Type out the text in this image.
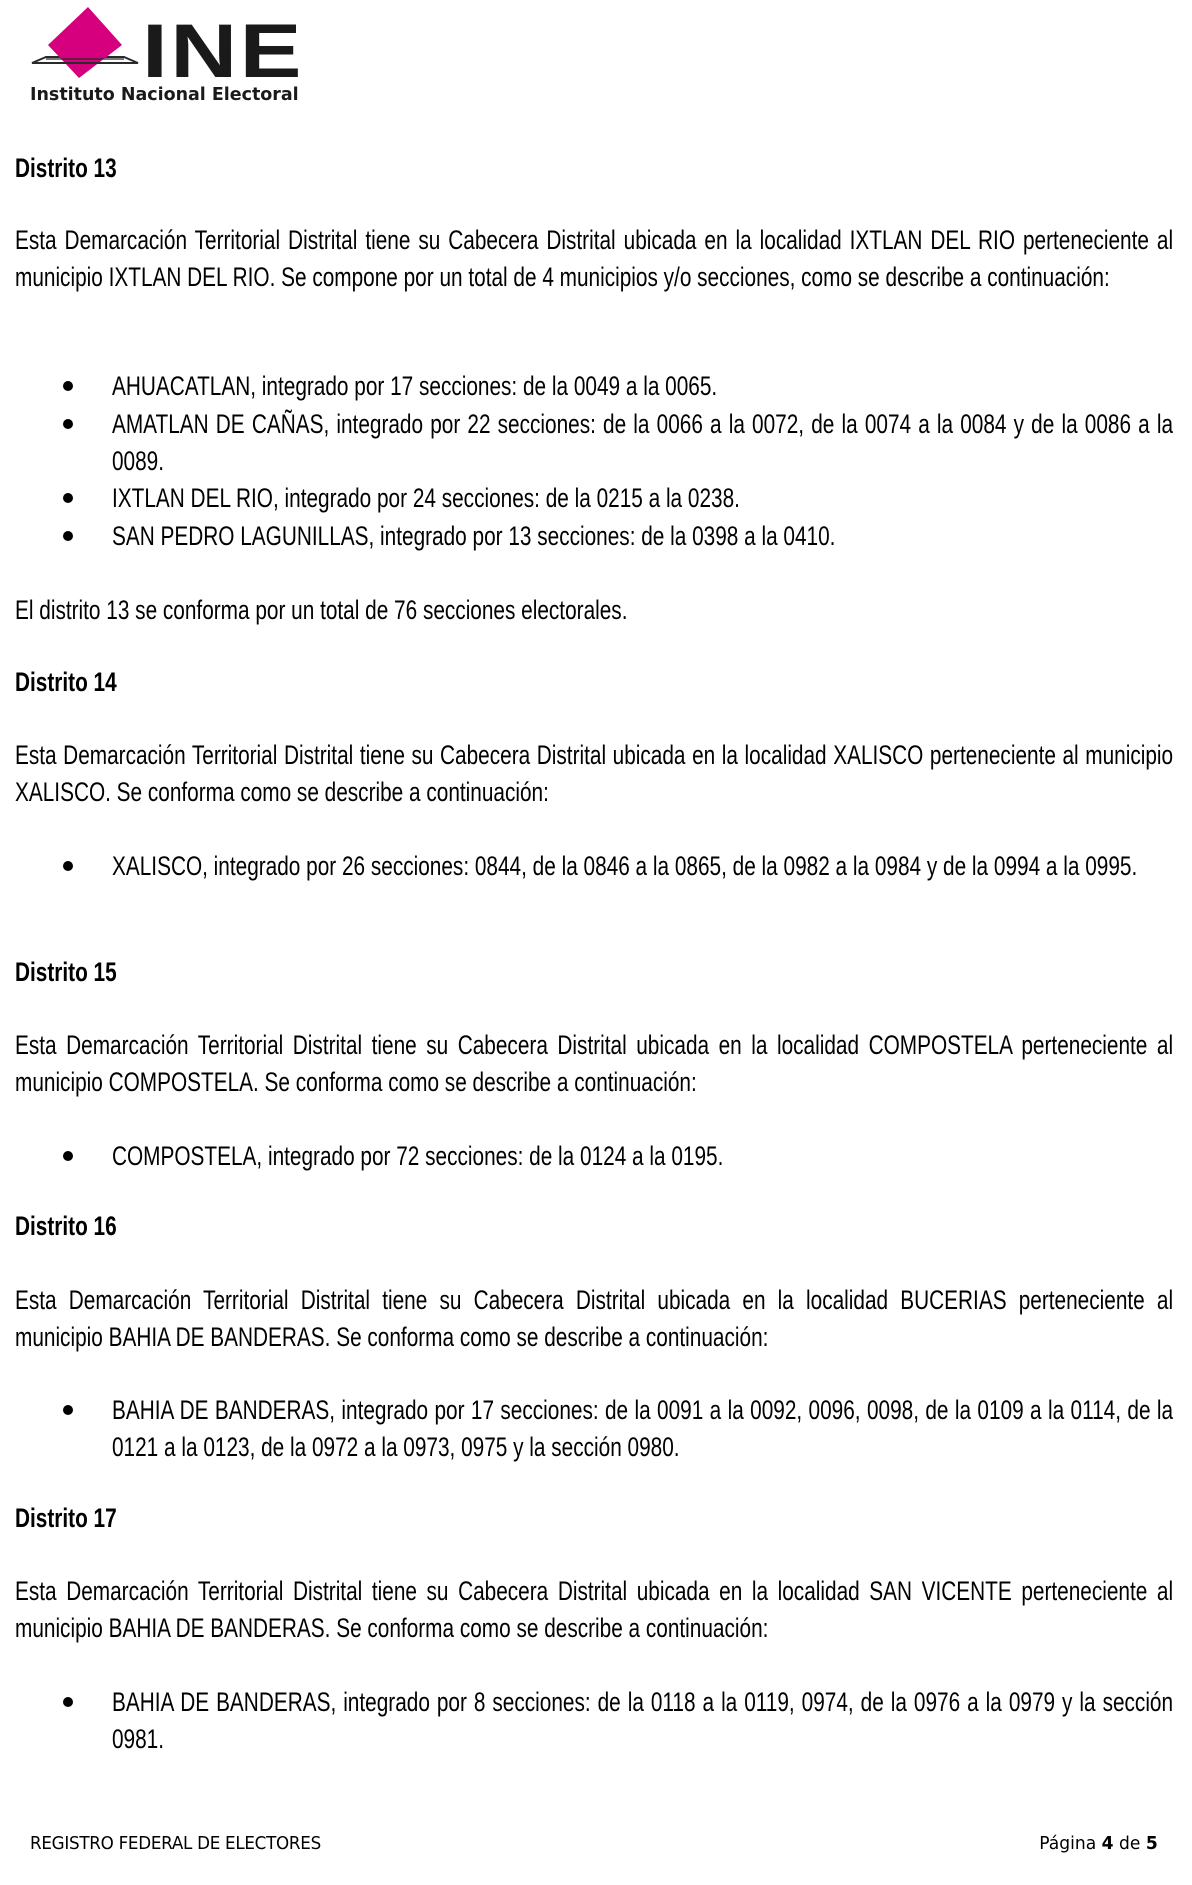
INE
Instituto Nacional Electoral
Distrito 13
Esta Demarcación Territorial Distrital tiene su Cabecera Distrital ubicada en la localidad IXTLAN DEL RIO perteneciente al municipio IXTLAN DEL RIO. Se compone por un total de 4 municipios y/o secciones, como se describe a continuación:
AHUACATLAN, integrado por 17 secciones: de la 0049 a la 0065.
AMATLAN DE CAÑAS, integrado por 22 secciones: de la 0066 a la 0072, de la 0074 a la 0084 y de la 0086 a la 0089.
IXTLAN DEL RIO, integrado por 24 secciones: de la 0215 a la 0238.
SAN PEDRO LAGUNILLAS, integrado por 13 secciones: de la 0398 a la 0410.
El distrito 13 se conforma por un total de 76 secciones electorales.
Distrito 14
Esta Demarcación Territorial Distrital tiene su Cabecera Distrital ubicada en la localidad XALISCO perteneciente al municipio XALISCO. Se conforma como se describe a continuación:
XALISCO, integrado por 26 secciones: 0844, de la 0846 a la 0865, de la 0982 a la 0984 y de la 0994 a la 0995.
Distrito 15
Esta Demarcación Territorial Distrital tiene su Cabecera Distrital ubicada en la localidad COMPOSTELA perteneciente al municipio COMPOSTELA. Se conforma como se describe a continuación:
COMPOSTELA, integrado por 72 secciones: de la 0124 a la 0195.
Distrito 16
Esta Demarcación Territorial Distrital tiene su Cabecera Distrital ubicada en la localidad BUCERIAS perteneciente al municipio BAHIA DE BANDERAS. Se conforma como se describe a continuación:
BAHIA DE BANDERAS, integrado por 17 secciones: de la 0091 a la 0092, 0096, 0098, de la 0109 a la 0114, de la 0121 a la 0123, de la 0972 a la 0973, 0975 y la sección 0980.
Distrito 17
Esta Demarcación Territorial Distrital tiene su Cabecera Distrital ubicada en la localidad SAN VICENTE perteneciente al municipio BAHIA DE BANDERAS. Se conforma como se describe a continuación:
BAHIA DE BANDERAS, integrado por 8 secciones: de la 0118 a la 0119, 0974, de la 0976 a la 0979 y la sección 0981.
REGISTRO FEDERAL DE ELECTORES	Página 4 de 5
